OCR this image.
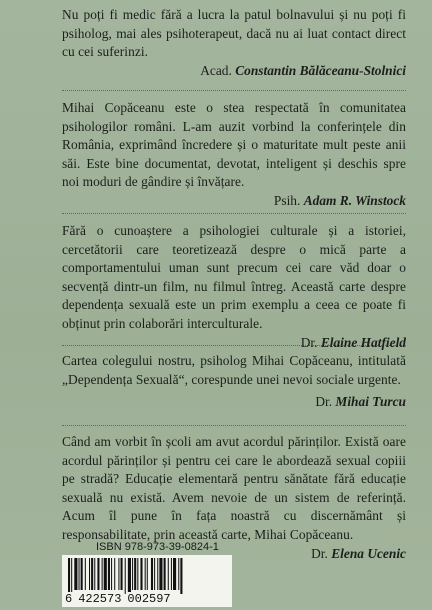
Nu poți fi medic fără a lucra la patul bolnavului și nu poți fi psiholog, mai ales psihoterapeut, dacă nu ai luat contact direct cu cei suferinzi.

Acad. Constantin Bălăceanu-Stolnici

Mihai Copăceanu este o stea respectată în comunitatea psihologilor români. L-am auzit vorbind la conferințele din România, exprimând încredere și o maturitate mult peste anii săi. Este bine documentat, devotat, inteligent și deschis spre noi moduri de gândire și învățare.

Psih. Adam R. Winstock

Fără o cunoaștere a psihologiei culturale și a istoriei, cercetătorii care teoretizează despre o mică parte a comportamentului uman sunt precum cei care văd doar o secvență dintr-un film, nu filmul întreg. Această carte despre dependența sexuală este un prim exemplu a ceea ce poate fi obținut prin colaborări interculturale.

Dr. Elaine Hatfield

Cartea colegului nostru, psiholog Mihai Copăceanu, intitulată „Dependența Sexuală“, corespunde unei nevoi sociale urgente.

Dr. Mihai Turcu

Când am vorbit în școli am avut acordul părinților. Există oare acordul părinților și pentru cei care le abordează sexual copiii pe stradă? Educație elementară pentru sănătate fără educație sexuală nu există. Avem nevoie de un sistem de referință. Acum îl pune în fața noastră cu discernământ și responsabilitate, prin această carte, Mihai Copăceanu.

Dr. Elena Ucenic

ISBN 978-973-39-0824-1
6 422573 002597
